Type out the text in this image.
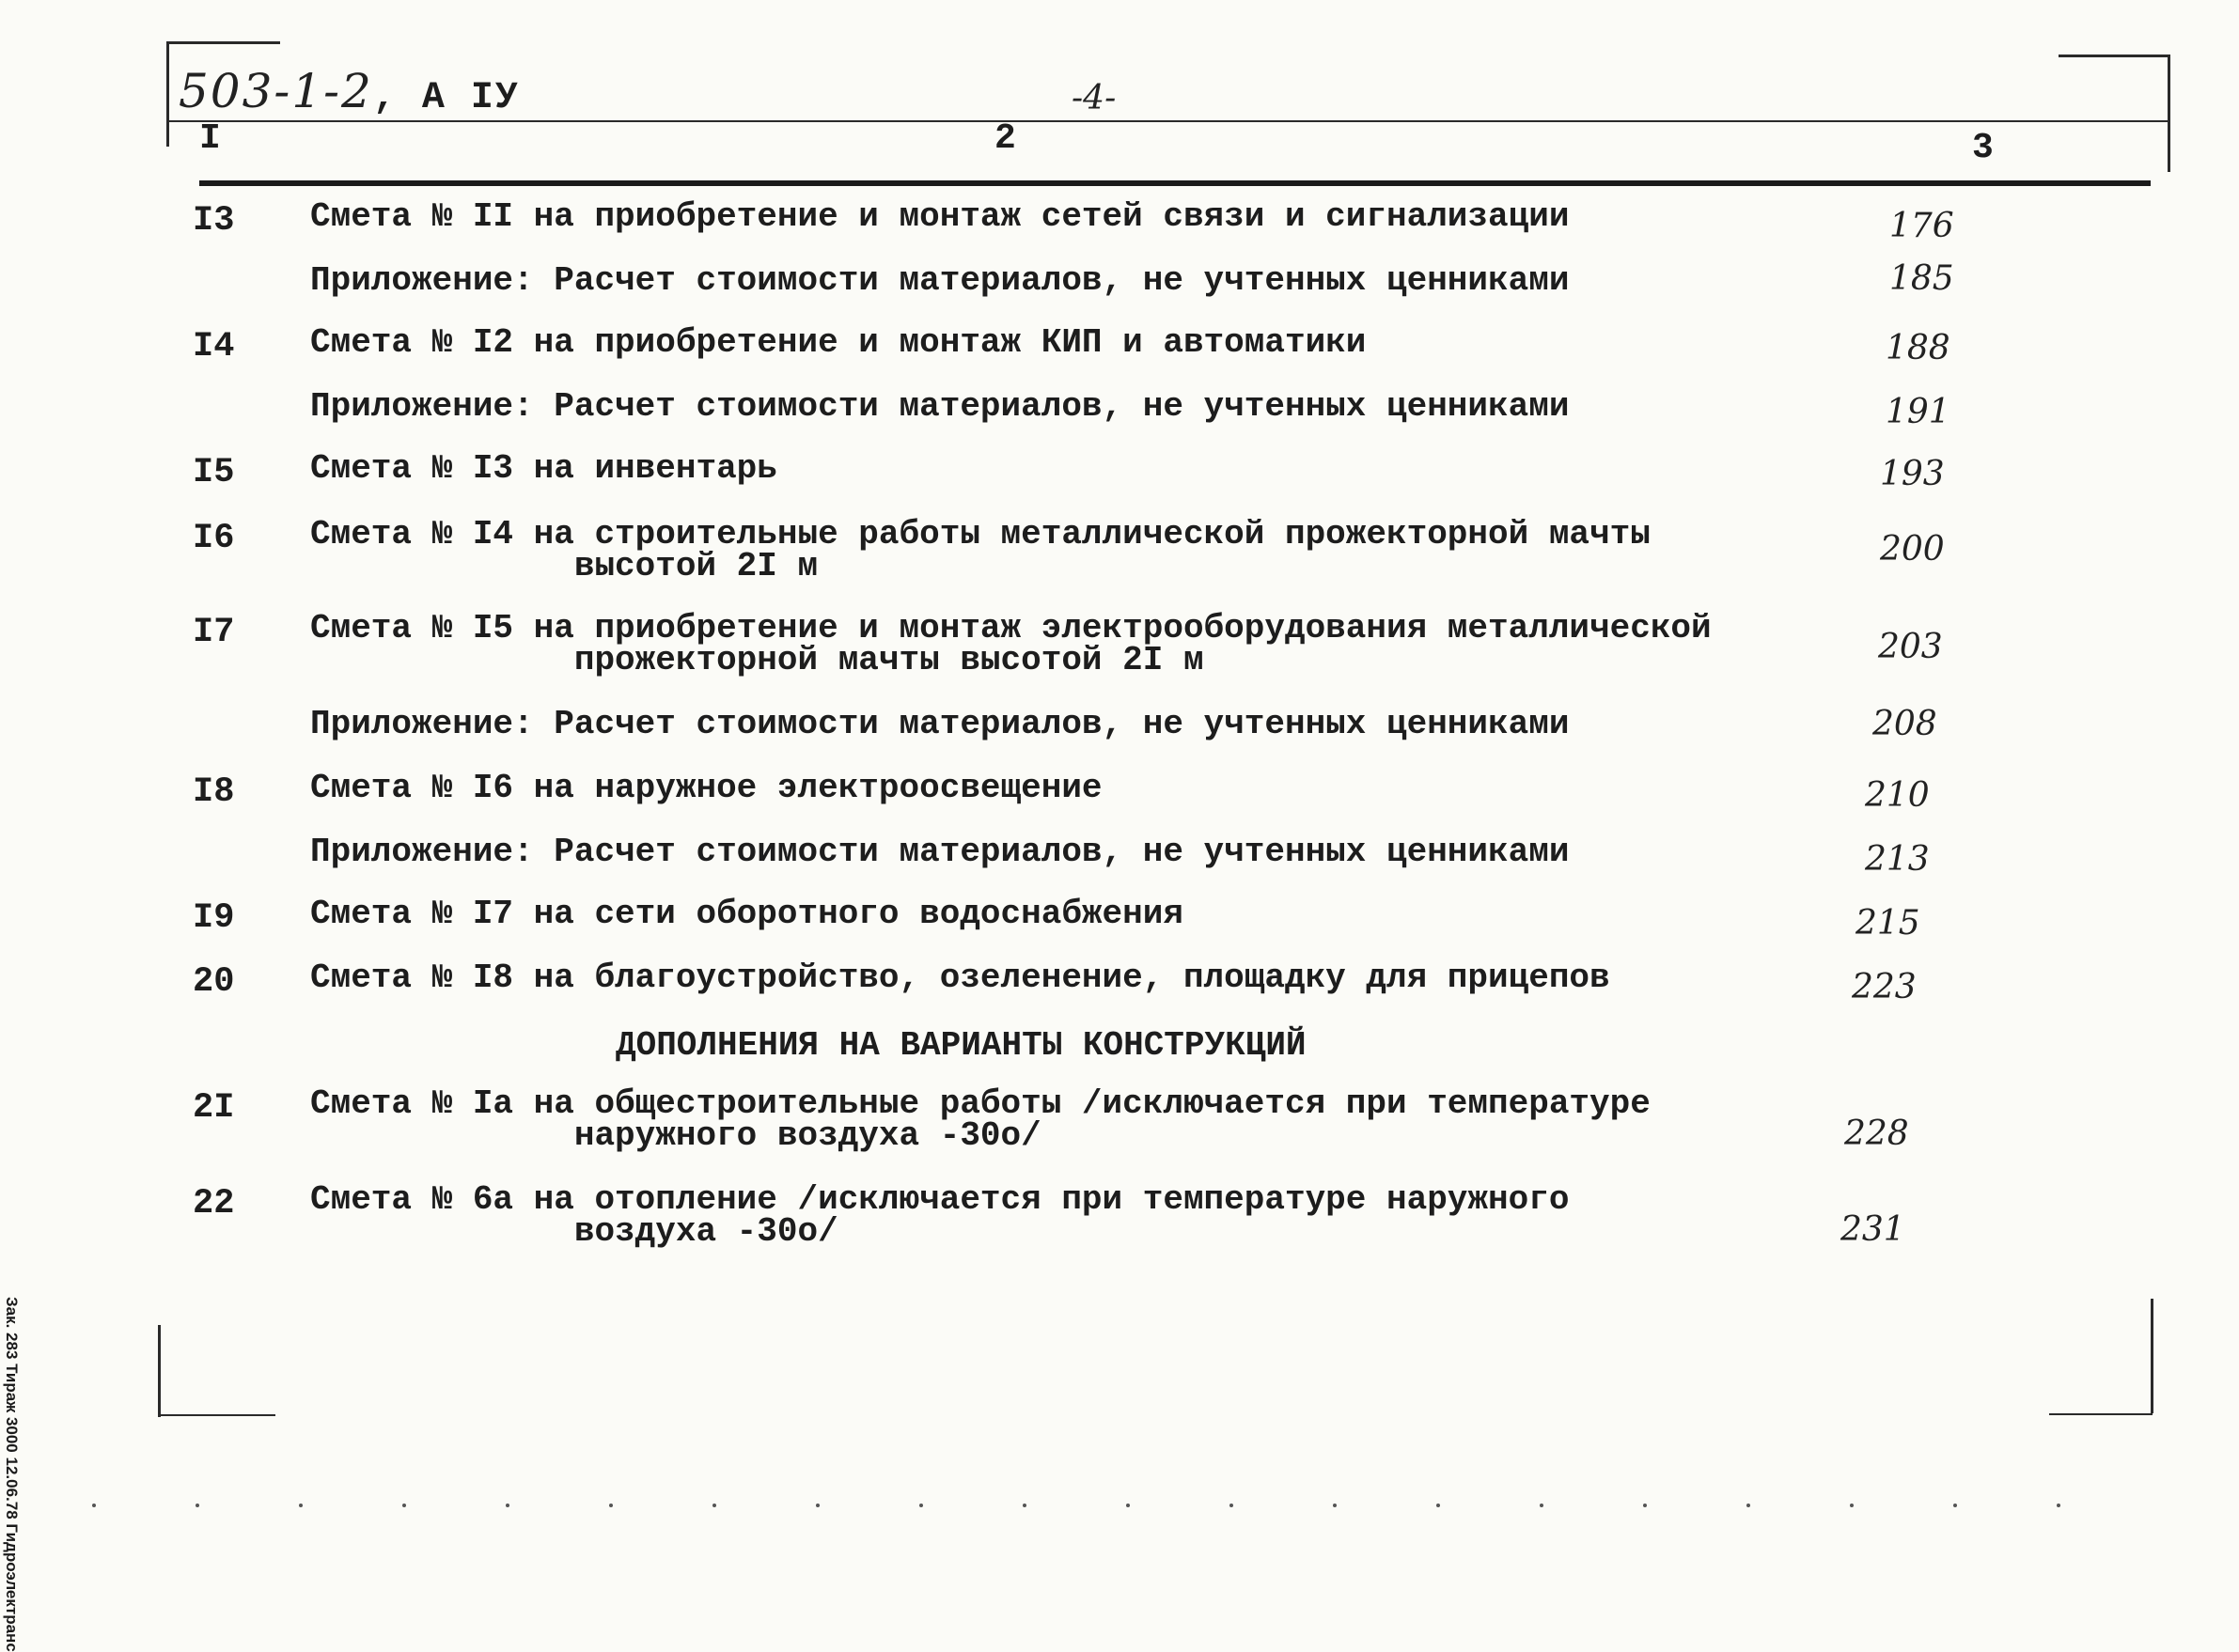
503-1-2, А IУ	-4-
I	2	3
I3 Смета № II на приобретение и монтаж сетей связи и сигнализации	176
Приложение: Расчет стоимости материалов, не учтенных ценниками	185
I4 Смета № I2 на приобретение и монтаж КИП и автоматики	188
Приложение: Расчет стоимости материалов, не учтенных ценниками	191
I5 Смета № I3 на инвентарь	193
I6 Смета № I4 на строительные работы металлической прожекторной мачты
высотой 2I м	200
I7 Смета № I5 на приобретение и монтаж электрооборудования металлической
прожекторной мачты высотой 2I м	203
Приложение: Расчет стоимости материалов, не учтенных ценниками	208
I8 Смета № I6 на наружное электроосвещение	210
Приложение: Расчет стоимости материалов, не учтенных ценниками	213
I9 Смета № I7 на сети оборотного водоснабжения	215
20 Смета № I8 на благоустройство, озеленение, площадку для прицепов	223
2I Смета № Iа на общестроительные работы /исключается при температуре
наружного воздуха -30о/	228
22 Смета № 6а на отопление /исключается при температуре наружного
воздуха -30о/	231
ДОПОЛНЕНИЯ НА ВАРИАНТЫ КОНСТРУКЦИЙ
Зак. 283 Тираж 3000 12.06.78 Гидроэлектранс
